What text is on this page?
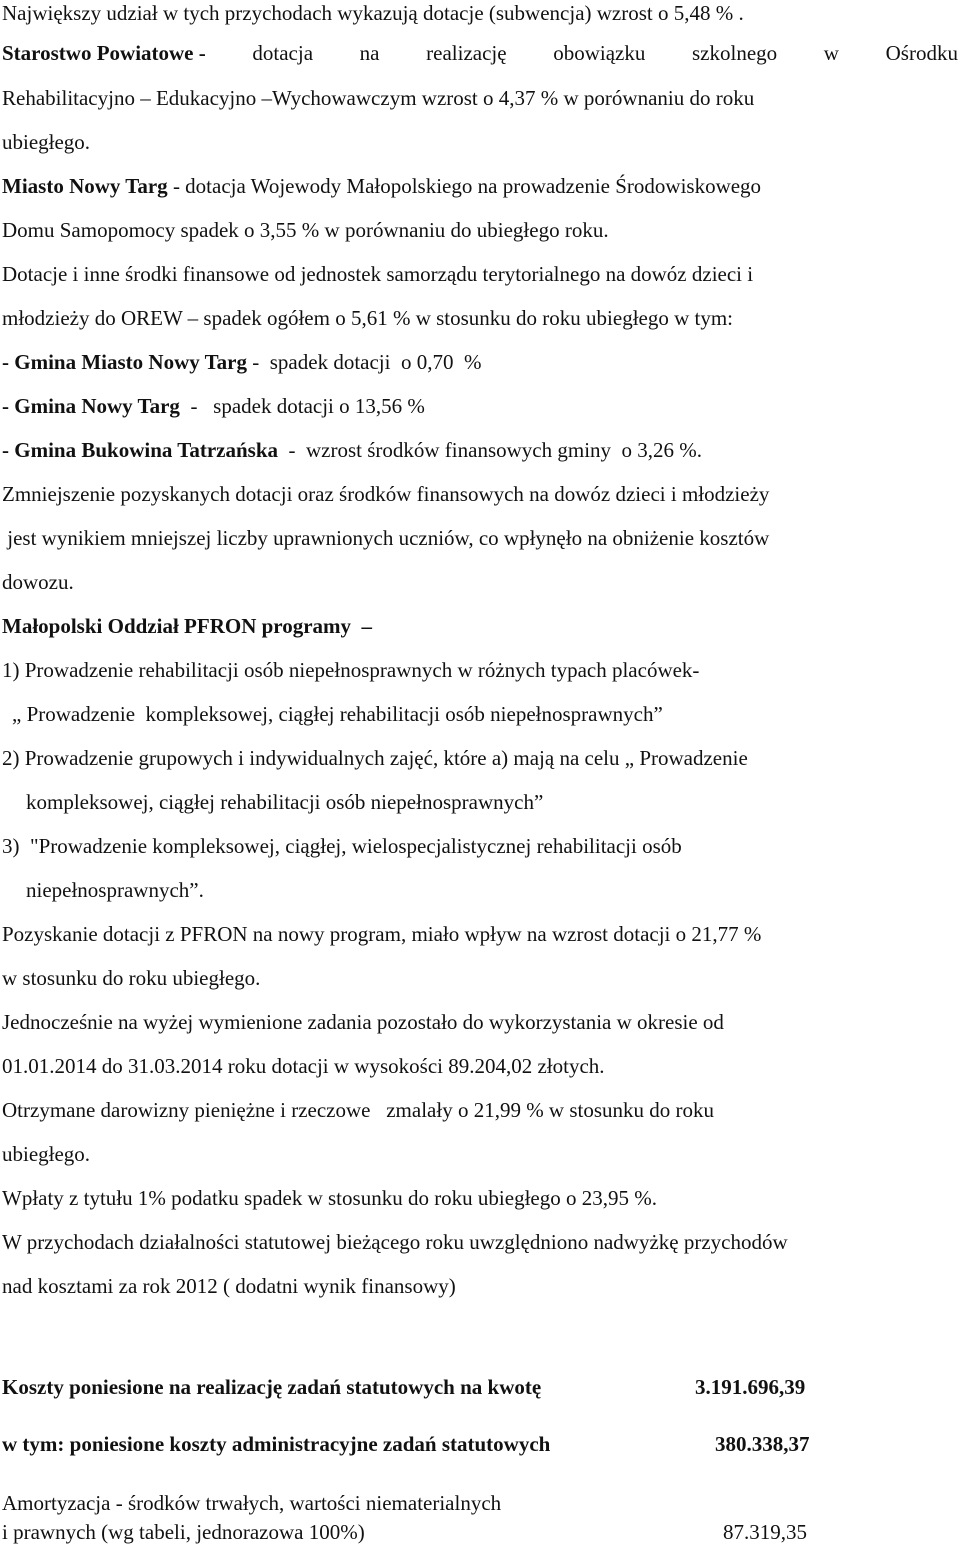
Największy udział w tych przychodach wykazują dotacje (subwencja) wzrost o 5,48 % .
Starostwo Powiatowe - dotacja na realizację obowiązku szkolnego w Ośrodku
Rehabilitacyjno – Edukacyjno –Wychowawczym wzrost o 4,37 % w porównaniu do roku
ubiegłego.
Miasto Nowy Targ - dotacja Wojewody Małopolskiego na prowadzenie Środowiskowego
Domu Samopomocy spadek o 3,55 % w porównaniu do ubiegłego roku.
Dotacje i inne środki finansowe od jednostek samorządu terytorialnego na dowóz dzieci i
młodzieży do OREW – spadek ogółem o 5,61 % w stosunku do roku ubiegłego w tym:
- Gmina Miasto Nowy Targ -  spadek dotacji  o 0,70  %
- Gmina Nowy Targ  -   spadek dotacji o 13,56 %
- Gmina Bukowina Tatrzańska  -  wzrost środków finansowych gminy  o 3,26 %.
Zmniejszenie pozyskanych dotacji oraz środków finansowych na dowóz dzieci i młodzieży
jest wynikiem mniejszej liczby uprawnionych uczniów, co wpłynęło na obniżenie kosztów
dowozu.
Małopolski Oddział PFRON programy  –
1) Prowadzenie rehabilitacji osób niepełnosprawnych w różnych typach placówek-
„ Prowadzenie  kompleksowej, ciągłej rehabilitacji osób niepełnosprawnych”
2) Prowadzenie grupowych i indywidualnych zajęć, które a) mają na celu „ Prowadzenie
kompleksowej, ciągłej rehabilitacji osób niepełnosprawnych”
3)  "Prowadzenie kompleksowej, ciągłej, wielospecjalistycznej rehabilitacji osób
niepełnosprawnych”.
Pozyskanie dotacji z PFRON na nowy program, miało wpływ na wzrost dotacji o 21,77 %
w stosunku do roku ubiegłego.
Jednocześnie na wyżej wymienione zadania pozostało do wykorzystania w okresie od
01.01.2014 do 31.03.2014 roku dotacji w wysokości 89.204,02 złotych.
Otrzymane darowizny pieniężne i rzeczowe   zmalały o 21,99 % w stosunku do roku
ubiegłego.
Wpłaty z tytułu 1% podatku spadek w stosunku do roku ubiegłego o 23,95 %.
W przychodach działalności statutowej bieżącego roku uwzględniono nadwyżkę przychodów
nad kosztami za rok 2012 ( dodatni wynik finansowy)
Koszty poniesione na realizację zadań statutowych na kwotę	3.191.696,39
w tym: poniesione koszty administracyjne zadań statutowych	380.338,37
Amortyzacja - środków trwałych, wartości niematerialnych
i prawnych (wg tabeli, jednorazowa 100%)	87.319,35
